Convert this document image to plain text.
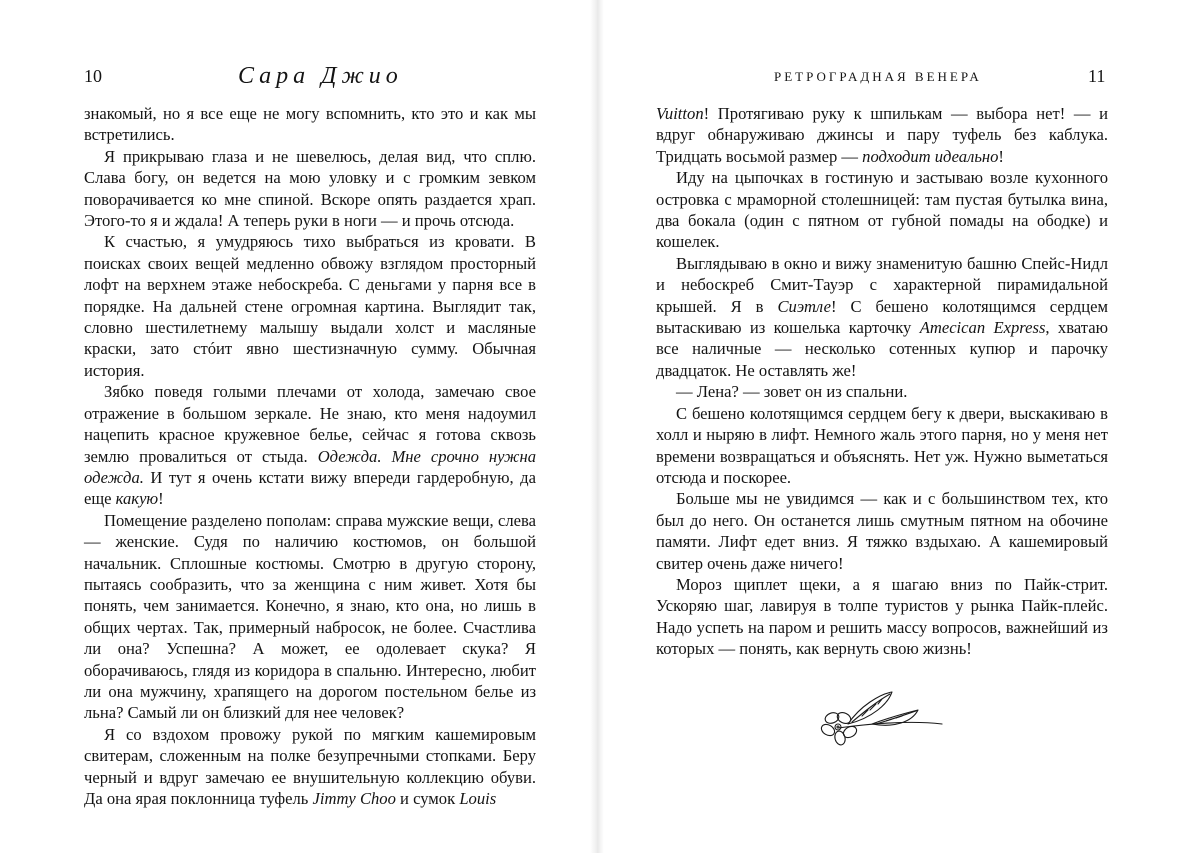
10	Сара Джио	РЕТРОГРАДНАЯ ВЕНЕРА	11

знакомый, но я все еще не могу вспомнить, кто это и как мы встретились.

Я прикрываю глаза и не шевелюсь, делая вид, что сплю. Слава богу, он ведется на мою уловку и с громким зевком поворачивается ко мне спиной. Вскоре опять раздается храп. Этого-то я и ждала! А теперь руки в ноги — и прочь отсюда.

К счастью, я умудряюсь тихо выбраться из кровати. В поисках своих вещей медленно обвожу взглядом просторный лофт на верхнем этаже небоскреба. С деньгами у парня все в порядке. На дальней стене огромная картина. Выглядит так, словно шестилетнему малышу выдали холст и масляные краски, зато стóит явно шестизначную сумму. Обычная история.

Зябко поведя голыми плечами от холода, замечаю свое отражение в большом зеркале. Не знаю, кто меня надоумил нацепить красное кружевное белье, сейчас я готова сквозь землю провалиться от стыда. Одежда. Мне срочно нужна одежда. И тут я очень кстати вижу впереди гардеробную, да еще какую!

Помещение разделено пополам: справа мужские вещи, слева — женские. Судя по наличию костюмов, он большой начальник. Сплошные костюмы. Смотрю в другую сторону, пытаясь сообразить, что за женщина с ним живет. Хотя бы понять, чем занимается. Конечно, я знаю, кто она, но лишь в общих чертах. Так, примерный набросок, не более. Счастлива ли она? Успешна? А может, ее одолевает скука? Я оборачиваюсь, глядя из коридора в спальню. Интересно, любит ли она мужчину, храпящего на дорогом постельном белье из льна? Самый ли он близкий для нее человек?

Я со вздохом провожу рукой по мягким кашемировым свитерам, сложенным на полке безупречными стопками. Беру черный и вдруг замечаю ее внушительную коллекцию обуви. Да она ярая поклонница туфель Jimmy Choo и сумок Louis

Vuitton! Протягиваю руку к шпилькам — выбора нет! — и вдруг обнаруживаю джинсы и пару туфель без каблука. Тридцать восьмой размер — подходит идеально!

Иду на цыпочках в гостиную и застываю возле кухонного островка с мраморной столешницей: там пустая бутылка вина, два бокала (один с пятном от губной помады на ободке) и кошелек.

Выглядываю в окно и вижу знаменитую башню Спейс-Нидл и небоскреб Смит-Тауэр с характерной пирамидальной крышей. Я в Сиэтле! С бешено колотящимся сердцем вытаскиваю из кошелька карточку Amecican Express, хватаю все наличные — несколько сотенных купюр и парочку двадцаток. Не оставлять же!

— Лена? — зовет он из спальни.

С бешено колотящимся сердцем бегу к двери, выскакиваю в холл и ныряю в лифт. Немного жаль этого парня, но у меня нет времени возвращаться и объяснять. Нет уж. Нужно выметаться отсюда и поскорее.

Больше мы не увидимся — как и с большинством тех, кто был до него. Он останется лишь смутным пятном на обочине памяти. Лифт едет вниз. Я тяжко вздыхаю. А кашемировый свитер очень даже ничего!

Мороз щиплет щеки, а я шагаю вниз по Пайк-стрит. Ускоряю шаг, лавируя в толпе туристов у рынка Пайк-плейс. Надо успеть на паром и решить массу вопросов, важнейший из которых — понять, как вернуть свою жизнь!
